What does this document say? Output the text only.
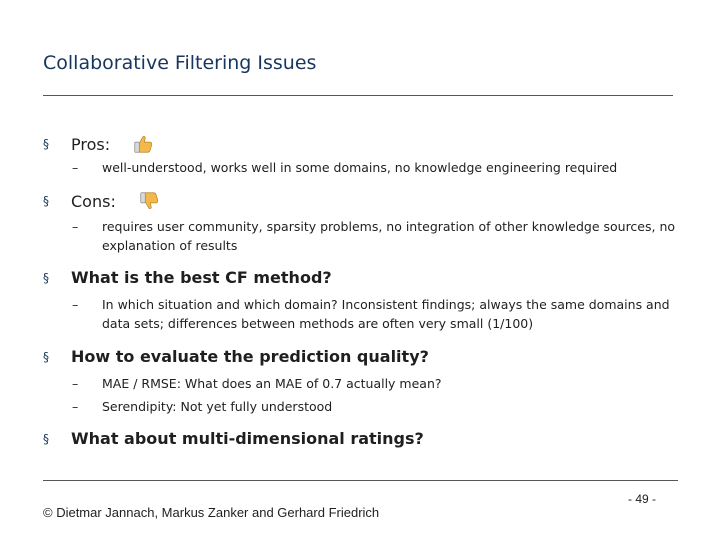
Collaborative Filtering Issues
§	Pros:
–	well-understood, works well in some domains, no knowledge engineering required
§	Cons:
–	requires user community, sparsity problems, no integration of other knowledge sources, no explanation of results
§	What is the best CF method?
–	In which situation and which domain? Inconsistent findings; always the same domains and data sets; differences between methods are often very small (1/100)
§	How to evaluate the prediction quality?
–	MAE / RMSE: What does an MAE of 0.7 actually mean?
–	Serendipity: Not yet fully understood
§	What about multi-dimensional ratings?
© Dietmar Jannach, Markus Zanker and Gerhard Friedrich
- 49 -
